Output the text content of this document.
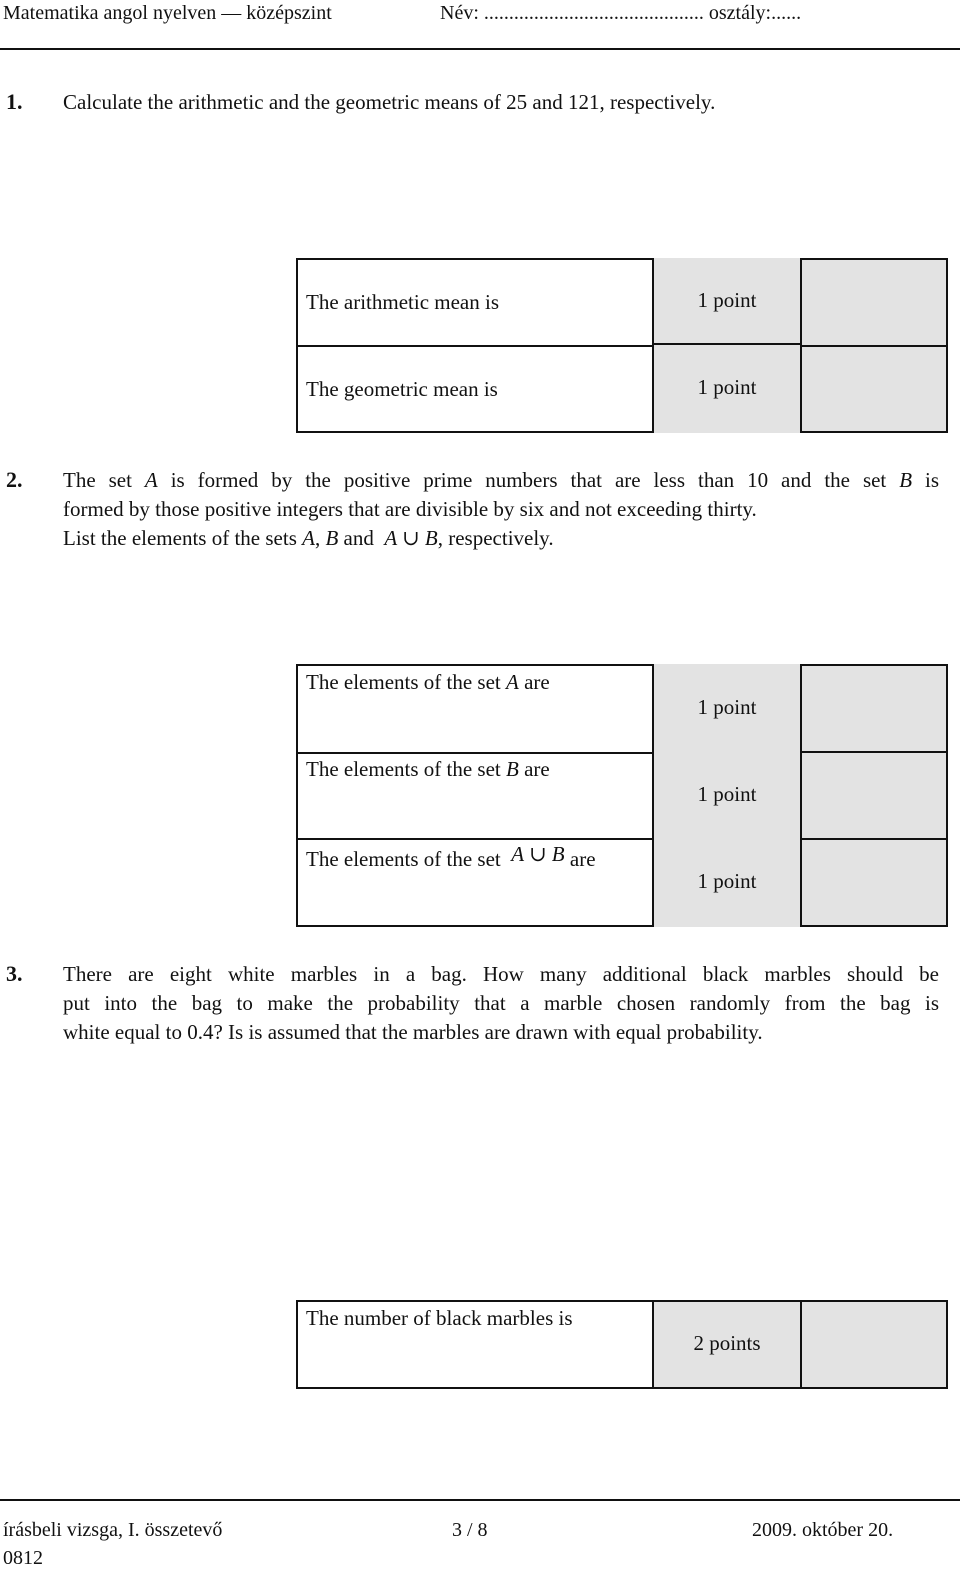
Matematika angol nyelven — középszint	Név: ............................................ osztály:......
1. Calculate the arithmetic and the geometric means of 25 and 121, respectively.
The arithmetic mean is
The geometric mean is
1 point
1 point
2. The set A is formed by the positive prime numbers that are less than 10 and the set B is
formed by those positive integers that are divisible by six and not exceeding thirty.
List the elements of the sets A, B and A ∪ B, respectively.
The elements of the set A are
The elements of the set B are
The elements of the set A ∪ B are
1 point
1 point
1 point
3. There are eight white marbles in a bag. How many additional black marbles should be
put into the bag to make the probability that a marble chosen randomly from the bag is
white equal to 0.4? Is is assumed that the marbles are drawn with equal probability.
The number of black marbles is
2 points
írásbeli vizsga, I. összetevő
0812
3 / 8	2009. október 20.
